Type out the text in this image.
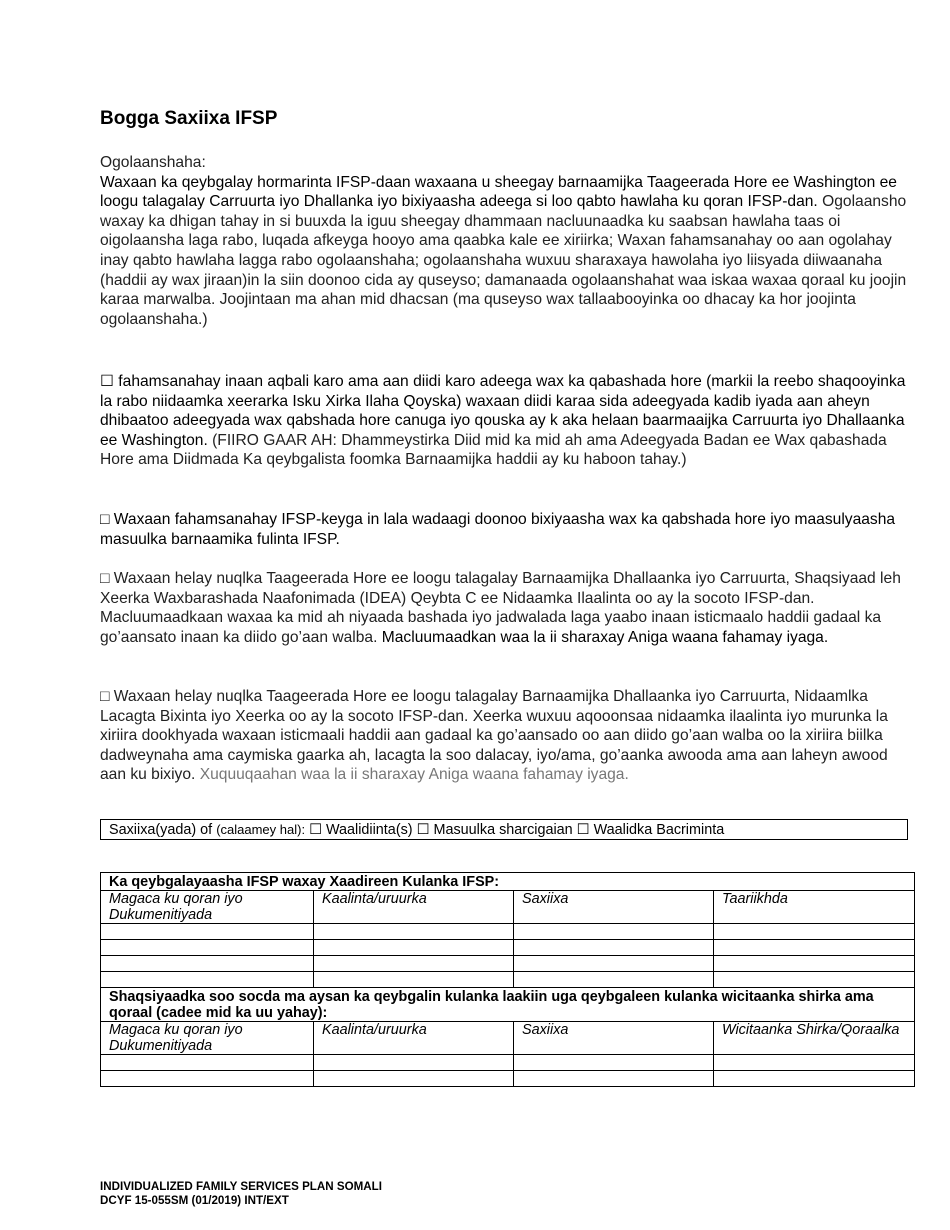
Bogga Saxiixa IFSP
Ogolaanshaha:
Waxaan ka qeybgalay hormarinta IFSP-daan waxaana u sheegay barnaamijka Taageerada Hore ee Washington ee loogu talagalay Carruurta iyo Dhallanka iyo bixiyaasha adeega si loo qabto hawlaha ku qoran IFSP-dan. Ogolaansho waxay ka dhigan tahay in si buuxda la iguu sheegay dhammaan nacluunaadka ku saabsan hawlaha taas oi oigolaansha laga rabo, luqada afkeyga hooyo ama qaabka kale ee xiriirka; Waxan fahamsanahay oo aan ogolahay inay qabto hawlaha lagga rabo ogolaanshaha; ogolaanshaha wuxuu sharaxaya hawolaha iyo liisyada diiwaanaha (haddii ay wax jiraan)in la siin doonoo cida ay quseyso; damanaada ogolaanshahat waa iskaa waxaa qoraal ku joojin karaa marwalba. Joojintaan ma ahan mid dhacsan (ma quseyso wax tallaabooyinka oo dhacay ka hor joojinta ogolaanshaha.)
☐ fahamsanahay inaan aqbali karo ama aan diidi karo adeega wax ka qabashada hore (markii la reebo shaqooyinka la rabo niidaamka xeerarka Isku Xirka Ilaha Qoyska) waxaan diidi karaa sida adeegyada kadib iyada aan aheyn dhibaatoo adeegyada wax qabshada hore canuga iyo qouska ay k aka helaan baarmaaijka Carruurta iyo Dhallaanka ee Washington. (FIIRO GAAR AH: Dhammeystirka Diid mid ka mid ah ama Adeegyada Badan ee Wax qabashada Hore ama Diidmada Ka qeybgalista foomka Barnaamijka haddii ay ku haboon tahay.)
□ Waxaan fahamsanahay IFSP-keyga in lala wadaagi doonoo bixiyaasha wax ka qabshada hore iyo maasulyaasha masuulka barnaamika fulinta IFSP.
□ Waxaan helay nuqlka Taageerada Hore ee loogu talagalay Barnaamijka Dhallaanka iyo Carruurta, Shaqsiyaad leh Xeerka Waxbarashada Naafonimada (IDEA) Qeybta C ee Nidaamka Ilaalinta oo ay la socoto IFSP-dan. Macluumaadkaan waxaa ka mid ah niyaada bashada iyo jadwalada laga yaabo inaan isticmaalo haddii gadaal ka go’aansato inaan ka diido go’aan walba. Macluumaadkan waa la ii sharaxay Aniga waana fahamay iyaga.
□ Waxaan helay nuqlka Taageerada Hore ee loogu talagalay Barnaamijka Dhallaanka iyo Carruurta, Nidaamlka Lacagta Bixinta iyo Xeerka oo ay la socoto IFSP-dan. Xeerka wuxuu aqooonsaa nidaamka ilaalinta iyo murunka la xiriira dookhyada waxaan isticmaali haddii aan gadaal ka go’aansado oo aan diido go’aan walba oo la xiriira biilka dadweynaha ama caymiska gaarka ah, lacagta la soo dalacay, iyo/ama, go’aanka awooda ama aan laheyn awood aan ku bixiyo. Xuquuqaahan waa la ii sharaxay Aniga waana fahamay iyaga.
Saxiixa(yada) of (calaamey hal): ☐ Waalidiinta(s) ☐ Masuulka sharcigaian ☐ Waalidka Bacriminta
Ka qeybgalayaasha IFSP waxay Xaadireen Kulanka IFSP:			
Magaca ku qoran iyo Dukumenitiyada	Kaalinta/uruurka	Saxiixa	Taariikhda

Shaqsiyaadka soo socda ma aysan ka qeybgalin kulanka laakiin uga qeybgaleen kulanka wicitaanka shirka ama qoraal (cadee mid ka uu yahay):			
Magaca ku qoran iyo Dukumenitiyada	Kaalinta/uruurka	Saxiixa	Wicitaanka Shirka/Qoraalka

INDIVIDUALIZED FAMILY SERVICES PLAN SOMALI
DCYF 15-055SM (01/2019) INT/EXT
